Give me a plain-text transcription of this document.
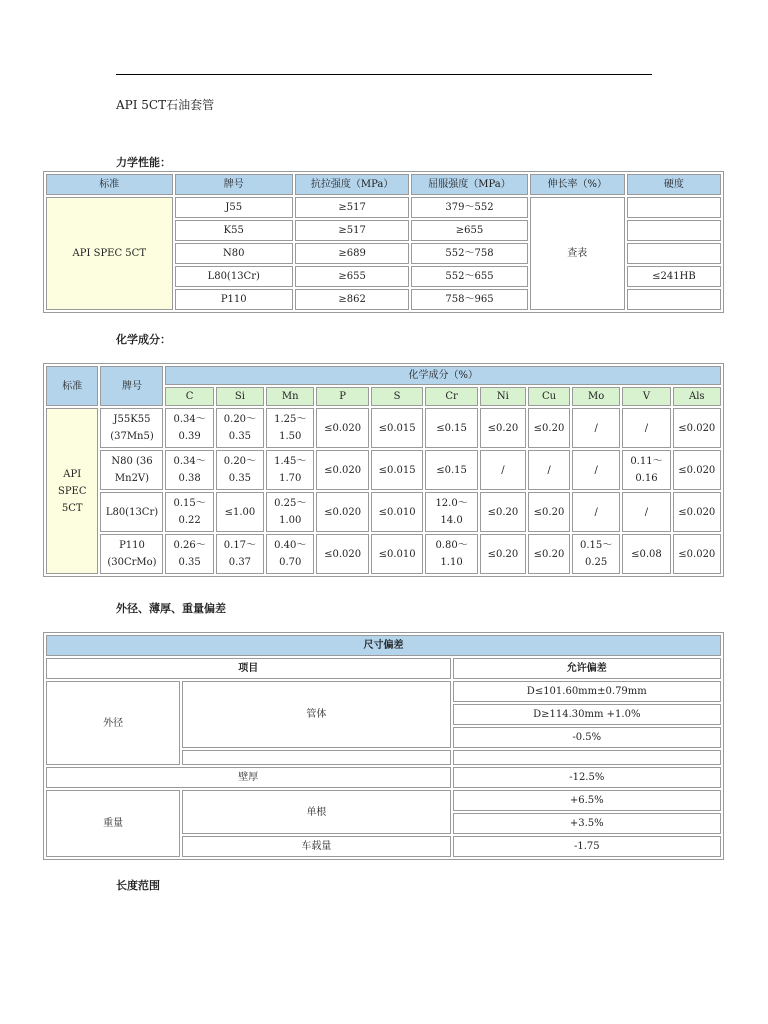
API 5CT石油套管
力学性能：
标准	牌号	抗拉强度（MPa）	屈服强度（MPa）	伸长率（%）	硬度
API SPEC 5CT	J55	≥517	379～552	查表	
	K55	≥517	≥655		
	N80	≥689	552～758		
	L80(13Cr)	≥655	552～655		≤241HB
	P110	≥862	758～965		
化学成分：
标准	牌号	化学成分（%）										
		C	Si	Mn	P	S	Cr	Ni	Cu	Mo	V	Als
API SPEC 5CT	J55K55 (37Mn5)	0.34～0.39	0.20～0.35	1.25～1.50	≤0.020	≤0.015	≤0.15	≤0.20	≤0.20	/	/	≤0.020
	N80 (36 Mn2V)	0.34～0.38	0.20～0.35	1.45～1.70	≤0.020	≤0.015	≤0.15	/	/	/	0.11～0.16	≤0.020
	L80(13Cr)	0.15～0.22	≤1.00	0.25～1.00	≤0.020	≤0.010	12.0～14.0	≤0.20	≤0.20	/	/	≤0.020
	P110 (30CrMo)	0.26～0.35	0.17～0.37	0.40～0.70	≤0.020	≤0.010	0.80～1.10	≤0.20	≤0.20	0.15～0.25	≤0.08	≤0.020
外径、薄厚、重量偏差
尺寸偏差		
项目		允许偏差
外径	管体	D≤101.60mm±0.79mm
		D≥114.30mm +1.0%
		-0.5%

壁厚		-12.5%
重量	单根	+6.5%
		+3.5%
	车载量	-1.75
长度范围
